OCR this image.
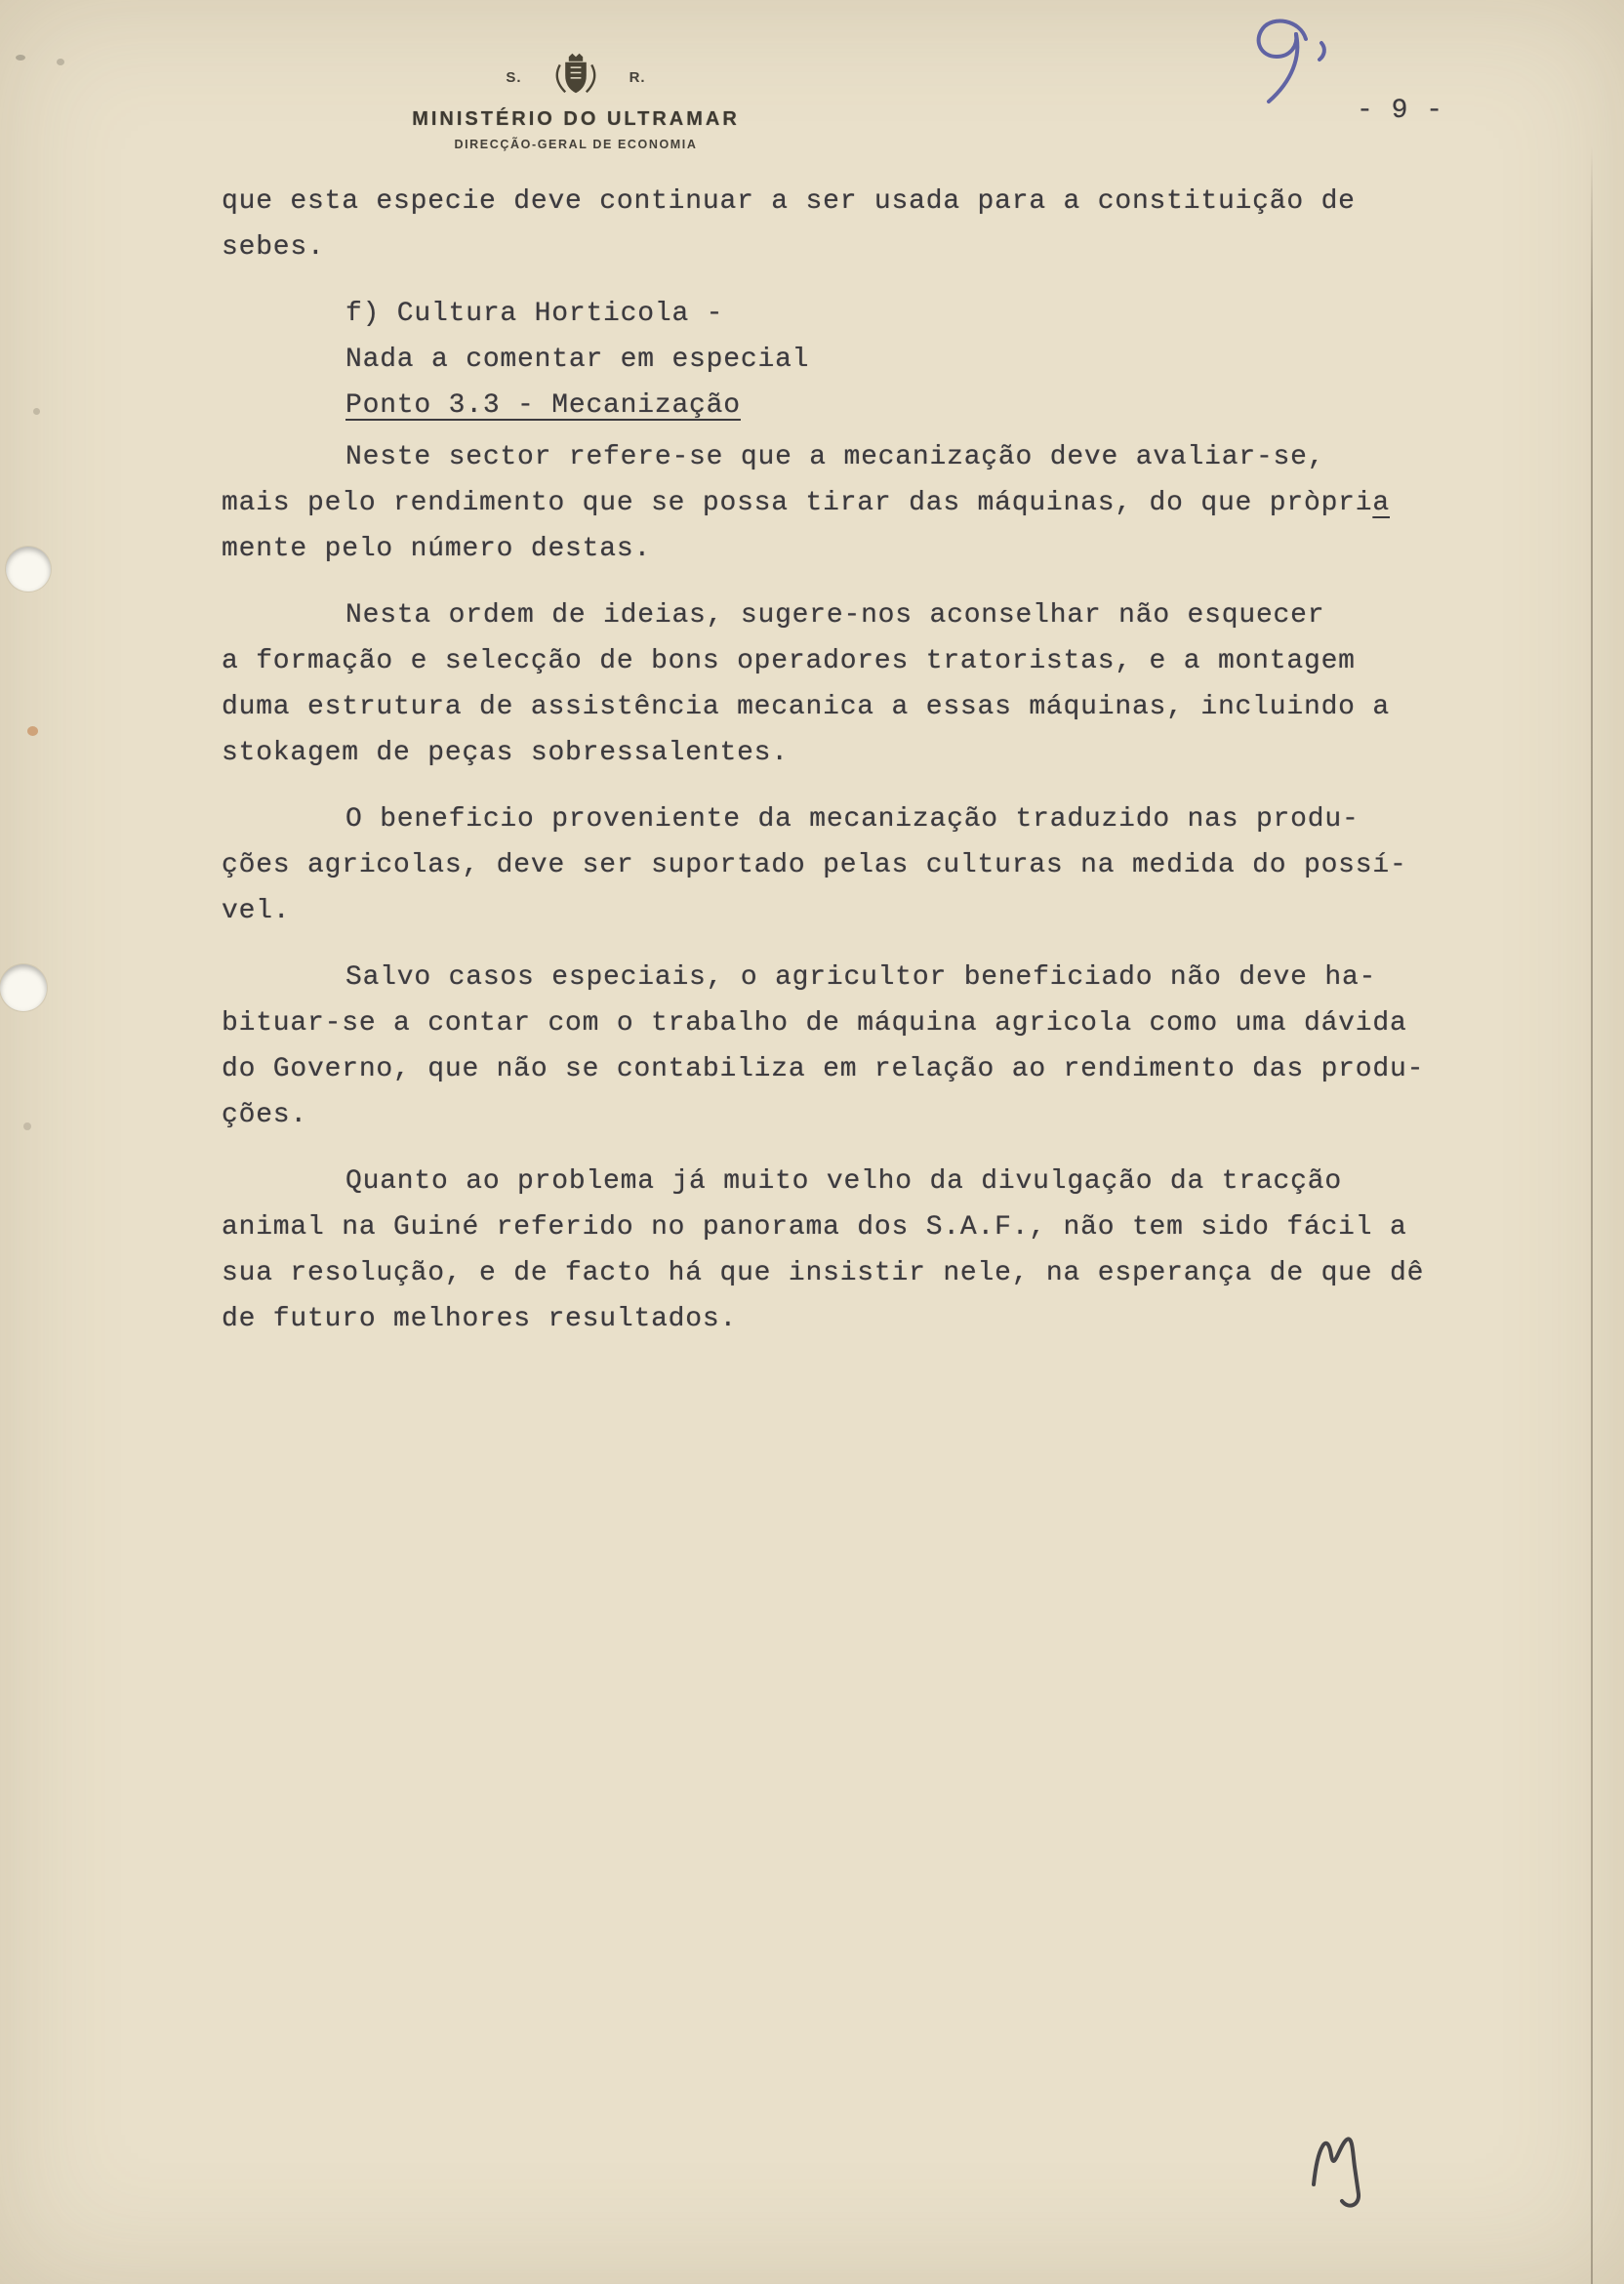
S.	R.
MINISTÉRIO DO ULTRAMAR
DIRECÇÃO-GERAL DE ECONOMIA
- 9 -
que esta especie deve continuar a ser usada para a constituição de
sebes.
f) Cultura Horticola -
Nada a comentar em especial
Ponto 3.3 - Mecanização
Neste sector refere-se que a mecanização deve avaliar-se,
mais pelo rendimento que se possa tirar das máquinas, do que pròpria
mente pelo número destas.
Nesta ordem de ideias, sugere-nos aconselhar não esquecer
a formação e selecção de bons operadores tratoristas, e a montagem
duma estrutura de assistência mecanica a essas máquinas, incluindo a
stokagem de peças sobressalentes.
O beneficio proveniente da mecanização traduzido nas produ-
ções agricolas, deve ser suportado pelas culturas na medida do possí-
vel.
Salvo casos especiais, o agricultor beneficiado não deve ha-
bituar-se a contar com o trabalho de máquina agricola como uma dávida
do Governo, que não se contabiliza em relação ao rendimento das produ-
ções.
Quanto ao problema já muito velho da divulgação da tracção
animal na Guiné referido no panorama dos S.A.F., não tem sido fácil a
sua resolução, e de facto há que insistir nele, na esperança de que dê
de futuro melhores resultados.
